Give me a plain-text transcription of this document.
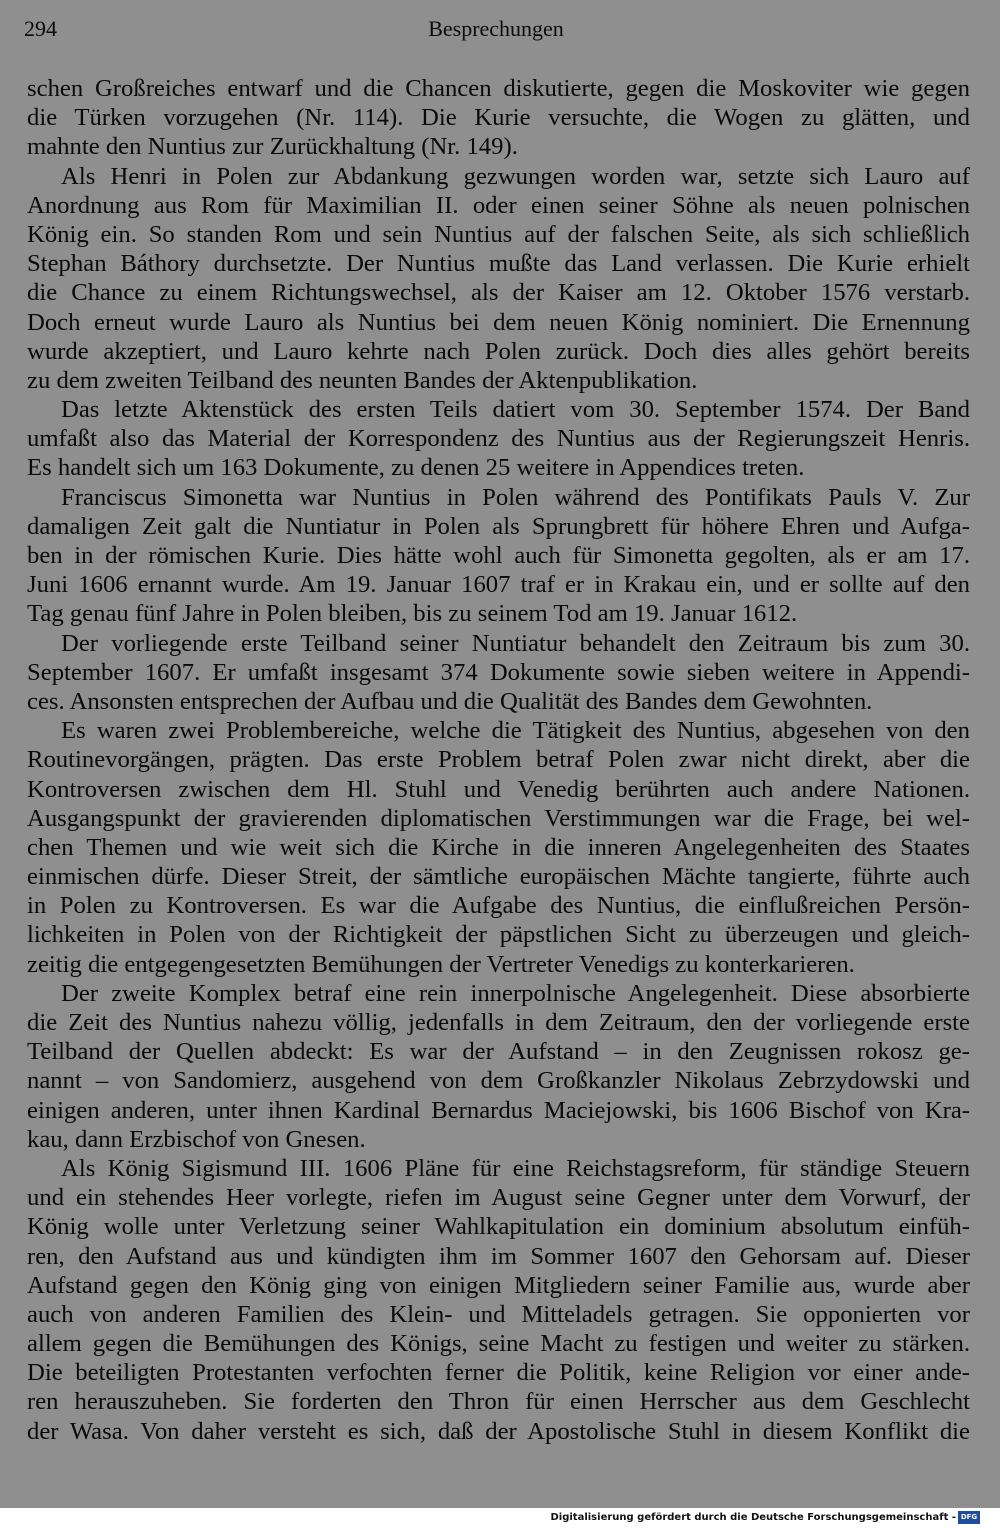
294	Besprechungen
schen Großreiches entwarf und die Chancen diskutierte, gegen die Moskoviter wie gegen
die Türken vorzugehen (Nr. 114). Die Kurie versuchte, die Wogen zu glätten, und
mahnte den Nuntius zur Zurückhaltung (Nr. 149).
Als Henri in Polen zur Abdankung gezwungen worden war, setzte sich Lauro auf
Anordnung aus Rom für Maximilian II. oder einen seiner Söhne als neuen polnischen
König ein. So standen Rom und sein Nuntius auf der falschen Seite, als sich schließlich
Stephan Báthory durchsetzte. Der Nuntius mußte das Land verlassen. Die Kurie erhielt
die Chance zu einem Richtungswechsel, als der Kaiser am 12. Oktober 1576 verstarb.
Doch erneut wurde Lauro als Nuntius bei dem neuen König nominiert. Die Ernennung
wurde akzeptiert, und Lauro kehrte nach Polen zurück. Doch dies alles gehört bereits
zu dem zweiten Teilband des neunten Bandes der Aktenpublikation.
Das letzte Aktenstück des ersten Teils datiert vom 30. September 1574. Der Band
umfaßt also das Material der Korrespondenz des Nuntius aus der Regierungszeit Henris.
Es handelt sich um 163 Dokumente, zu denen 25 weitere in Appendices treten.
Franciscus Simonetta war Nuntius in Polen während des Pontifikats Pauls V. Zur
damaligen Zeit galt die Nuntiatur in Polen als Sprungbrett für höhere Ehren und Aufga-
ben in der römischen Kurie. Dies hätte wohl auch für Simonetta gegolten, als er am 17.
Juni 1606 ernannt wurde. Am 19. Januar 1607 traf er in Krakau ein, und er sollte auf den
Tag genau fünf Jahre in Polen bleiben, bis zu seinem Tod am 19. Januar 1612.
Der vorliegende erste Teilband seiner Nuntiatur behandelt den Zeitraum bis zum 30.
September 1607. Er umfaßt insgesamt 374 Dokumente sowie sieben weitere in Appendi-
ces. Ansonsten entsprechen der Aufbau und die Qualität des Bandes dem Gewohnten.
Es waren zwei Problembereiche, welche die Tätigkeit des Nuntius, abgesehen von den
Routinevorgängen, prägten. Das erste Problem betraf Polen zwar nicht direkt, aber die
Kontroversen zwischen dem Hl. Stuhl und Venedig berührten auch andere Nationen.
Ausgangspunkt der gravierenden diplomatischen Verstimmungen war die Frage, bei wel-
chen Themen und wie weit sich die Kirche in die inneren Angelegenheiten des Staates
einmischen dürfe. Dieser Streit, der sämtliche europäischen Mächte tangierte, führte auch
in Polen zu Kontroversen. Es war die Aufgabe des Nuntius, die einflußreichen Persön-
lichkeiten in Polen von der Richtigkeit der päpstlichen Sicht zu überzeugen und gleich-
zeitig die entgegengesetzten Bemühungen der Vertreter Venedigs zu konterkarieren.
Der zweite Komplex betraf eine rein innerpolnische Angelegenheit. Diese absorbierte
die Zeit des Nuntius nahezu völlig, jedenfalls in dem Zeitraum, den der vorliegende erste
Teilband der Quellen abdeckt: Es war der Aufstand – in den Zeugnissen rokosz ge-
nannt – von Sandomierz, ausgehend von dem Großkanzler Nikolaus Zebrzydowski und
einigen anderen, unter ihnen Kardinal Bernardus Maciejowski, bis 1606 Bischof von Kra-
kau, dann Erzbischof von Gnesen.
Als König Sigismund III. 1606 Pläne für eine Reichstagsreform, für ständige Steuern
und ein stehendes Heer vorlegte, riefen im August seine Gegner unter dem Vorwurf, der
König wolle unter Verletzung seiner Wahlkapitulation ein dominium absolutum einfüh-
ren, den Aufstand aus und kündigten ihm im Sommer 1607 den Gehorsam auf. Dieser
Aufstand gegen den König ging von einigen Mitgliedern seiner Familie aus, wurde aber
auch von anderen Familien des Klein- und Mitteladels getragen. Sie opponierten vor
allem gegen die Bemühungen des Königs, seine Macht zu festigen und weiter zu stärken.
Die beteiligten Protestanten verfochten ferner die Politik, keine Religion vor einer ande-
ren herauszuheben. Sie forderten den Thron für einen Herrscher aus dem Geschlecht
der Wasa. Von daher versteht es sich, daß der Apostolische Stuhl in diesem Konflikt die
Digitalisierung gefördert durch die Deutsche Forschungsgemeinschaft - DFG
